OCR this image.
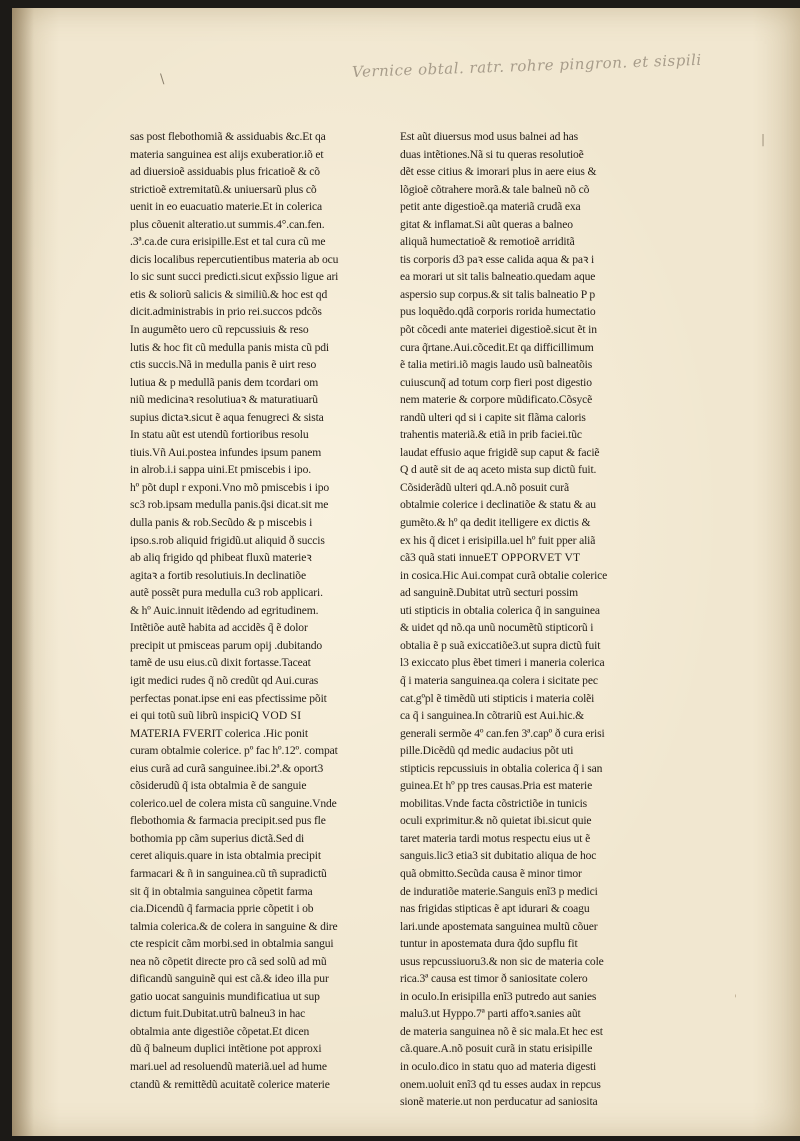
Vernice obtal. ratr. rohre pingron. et sispili
\
|
'
sas post flebothomiã & assiduabis &c.Et qa
materia sanguinea est alijs exuberatior.iõ et
ad diuersioẽ assiduabis plus fricatioẽ & cõ
strictioẽ extremitatũ.& uniuersarũ plus cõ
uenit in eo euacuatio materie.Et in colerica
plus cõuenit alteratio.ut summis.4°.can.fen.
.3ª.ca.de cura erisipille.Est et tal cura cũ me
dicis localibus repercutientibus materia ab ocu
lo sic sunt succi predicti.sicut exp̃ssio ligue ari
etis & soliorũ salicis & similiũ.& hoc est qd
dicit.administrabis in prio rei.succos pdcõs
In augumẽto uero cũ repcussiuis & reso
lutis & hoc fit cũ medulla panis mista cũ pdi
ctis succis.Nã in medulla panis ẽ uirt reso
lutiua & p medullã panis dem tcordari om
niũ medicinaꝛ resolutiuaꝛ & maturatiuarũ
supius dictaꝛ.sicut ẽ aqua fenugreci & sista
In statu aũt est utendũ fortioribus resolu
tiuis.Vñ Aui.postea infundes ipsum panem
in alrob.i.i sappa uini.Et pmiscebis i ipo.
hº põt dupl r exponi.Vno mõ pmiscebis i ipo
sc3 rob.ipsam medulla panis.q̃si dicat.sit me
dulla panis & rob.Secũdo & p miscebis i
ipso.s.rob aliquid frigidũ.ut aliquid ð succis
ab aliq frigido qd phibeat fluxũ materieꝛ
agitaꝛ a fortib resolutiuis.In declinatiõe
autẽ possẽt pura medulla cu3 rob applicari.
& hº Auic.innuit itẽdendo ad egritudinem.
Intẽtiõe autẽ habita ad accidẽs q̃ ẽ dolor
precipit ut pmisceas parum opij .dubitando
tamẽ de usu eius.cũ dixit fortasse.Taceat
igit medici rudes q̃ nõ credũt qd Aui.curas
perfectas ponat.ipse eni eas pfectissime põit
ei qui totũ suũ librũ inspiciQ VOD SI
MATERIA FVERIT colerica .Hic ponit
curam obtalmie colerice. pº fac hº.12º. compat
eius curã ad curã sanguinee.ibi.2ª.& oport3
cõsiderudũ q̃ ista obtalmia ẽ de sanguie
colerico.uel de colera mista cũ sanguine.Vnde
flebothomia & farmacia precipit.sed pus fle
bothomia pp cãm superius dictã.Sed di
ceret aliquis.quare in ista obtalmia precipit
farmacari & ñ in sanguinea.cũ tñ supradictũ
sit q̃ in obtalmia sanguinea cõpetit farma
cia.Dicendũ q̃ farmacia pprie cõpetit i ob
talmia colerica.& de colera in sanguine & dire
cte respicit cãm morbi.sed in obtalmia sangui
nea nõ cõpetit directe pro cã sed solũ ad mũ
dificandũ sanguinẽ qui est cã.& ideo illa pur
gatio uocat sanguinis mundificatiua ut sup
dictum fuit.Dubitat.utrũ balneu3 in hac
obtalmia ante digestiõe cõpetat.Et dicen
dũ q̃ balneum duplici intẽtione pot approxi
mari.uel ad resoluendũ materiã.uel ad hume
ctandũ & remittẽdũ acuitatẽ colerice materie
Est aũt diuersus mod usus balnei ad has
duas intẽtiones.Nã si tu queras resolutioẽ
dẽt esse citius & imorari plus in aere eius &
lõgioẽ cõtrahere morã.& tale balneũ nõ cõ
petit ante digestioẽ.qa materiã crudã exa
gitat & inflamat.Si aũt queras a balneo
aliquã humectatioẽ & remotioẽ arriditã
tis corporis d3 paꝛ esse calida aqua & paꝛ i
ea morari ut sit talis balneatio.quedam aque
aspersio sup corpus.& sit talis balneatio P p
pus loquẽdo.qdã corporis rorida humectatio
põt cõcedi ante materiei digestioẽ.sicut ẽt in
cura q̃rtane.Aui.cõcedit.Et qa difficillimum
ẽ talia metiri.iõ magis laudo usũ balneatõis
cuiuscunq̃ ad totum corp fieri post digestio
nem materie & corpore mũdificato.Cõsycẽ
randũ ulteri qd si i capite sit flãma caloris
trahentis materiã.& etiã in prib faciei.tũc
laudat effusio aque frigidẽ sup caput & faciẽ
Q d autẽ sit de aq aceto mista sup dictũ fuit.
Cõsiderãdũ ulteri qd.A.nõ posuit curã
obtalmie colerice i declinatiõe & statu & au
gumẽto.& hº qa dedit itelligere ex dictis &
ex his q̃ dicet i erisipilla.uel hº fuit pper aliã
cã3 quã stati innueET OPPORVET VT
in cosica.Hic Aui.compat curã obtalie colerice
ad sanguinẽ.Dubitat utrũ secturi possim
uti stipticis in obtalia colerica q̃ in sanguinea
& uidet qd nõ.qa unũ nocumẽtũ stipticorũ i
obtalia ẽ p suã exiccatiõe3.ut supra dictũ fuit
l3 exiccato plus ẽbet timeri i maneria colerica
q̃ i materia sanguinea.qa colera i sicitate pec
cat.gºpl ẽ timẽdũ uti stipticis i materia colẽi
ca q̃ i sanguinea.In cõtrariũ est Aui.hic.&
generali sermõe 4º can.fen 3ª.capº ð cura erisi
pille.Dicẽdũ qd medic audacius põt uti
stipticis repcussiuis in obtalia colerica q̃ i san
guinea.Et hº pp tres causas.Pria est materie
mobilitas.Vnde facta cõstrictiõe in tunicis
oculi exprimitur.& nõ quietat ibi.sicut quie
taret materia tardi motus respectu eius ut ẽ
sanguis.lic3 etia3 sit dubitatio aliqua de hoc
quã obmitto.Secũda causa ẽ minor timor
de induratiõe materie.Sanguis enĩ3 p medici
nas frigidas stipticas ẽ apt idurari & coagu
lari.unde apostemata sanguinea multũ cõuer
tuntur in apostemata dura q̃do supflu fit
usus repcussiuoru3.& non sic de materia cole
rica.3ª causa est timor ð saniositate colero
in oculo.In erisipilla enĩ3 putredo aut sanies
malu3.ut Hyppo.7ª parti affoꝛ.sanies aũt
de materia sanguinea nõ ẽ sic mala.Et hec est
cã.quare.A.nõ posuit curã in statu erisipille
in oculo.dico in statu quo ad materia digesti
onem.uoluit enĩ3 qd tu esses audax in repcus
sionẽ materie.ut non perducatur ad saniosita
